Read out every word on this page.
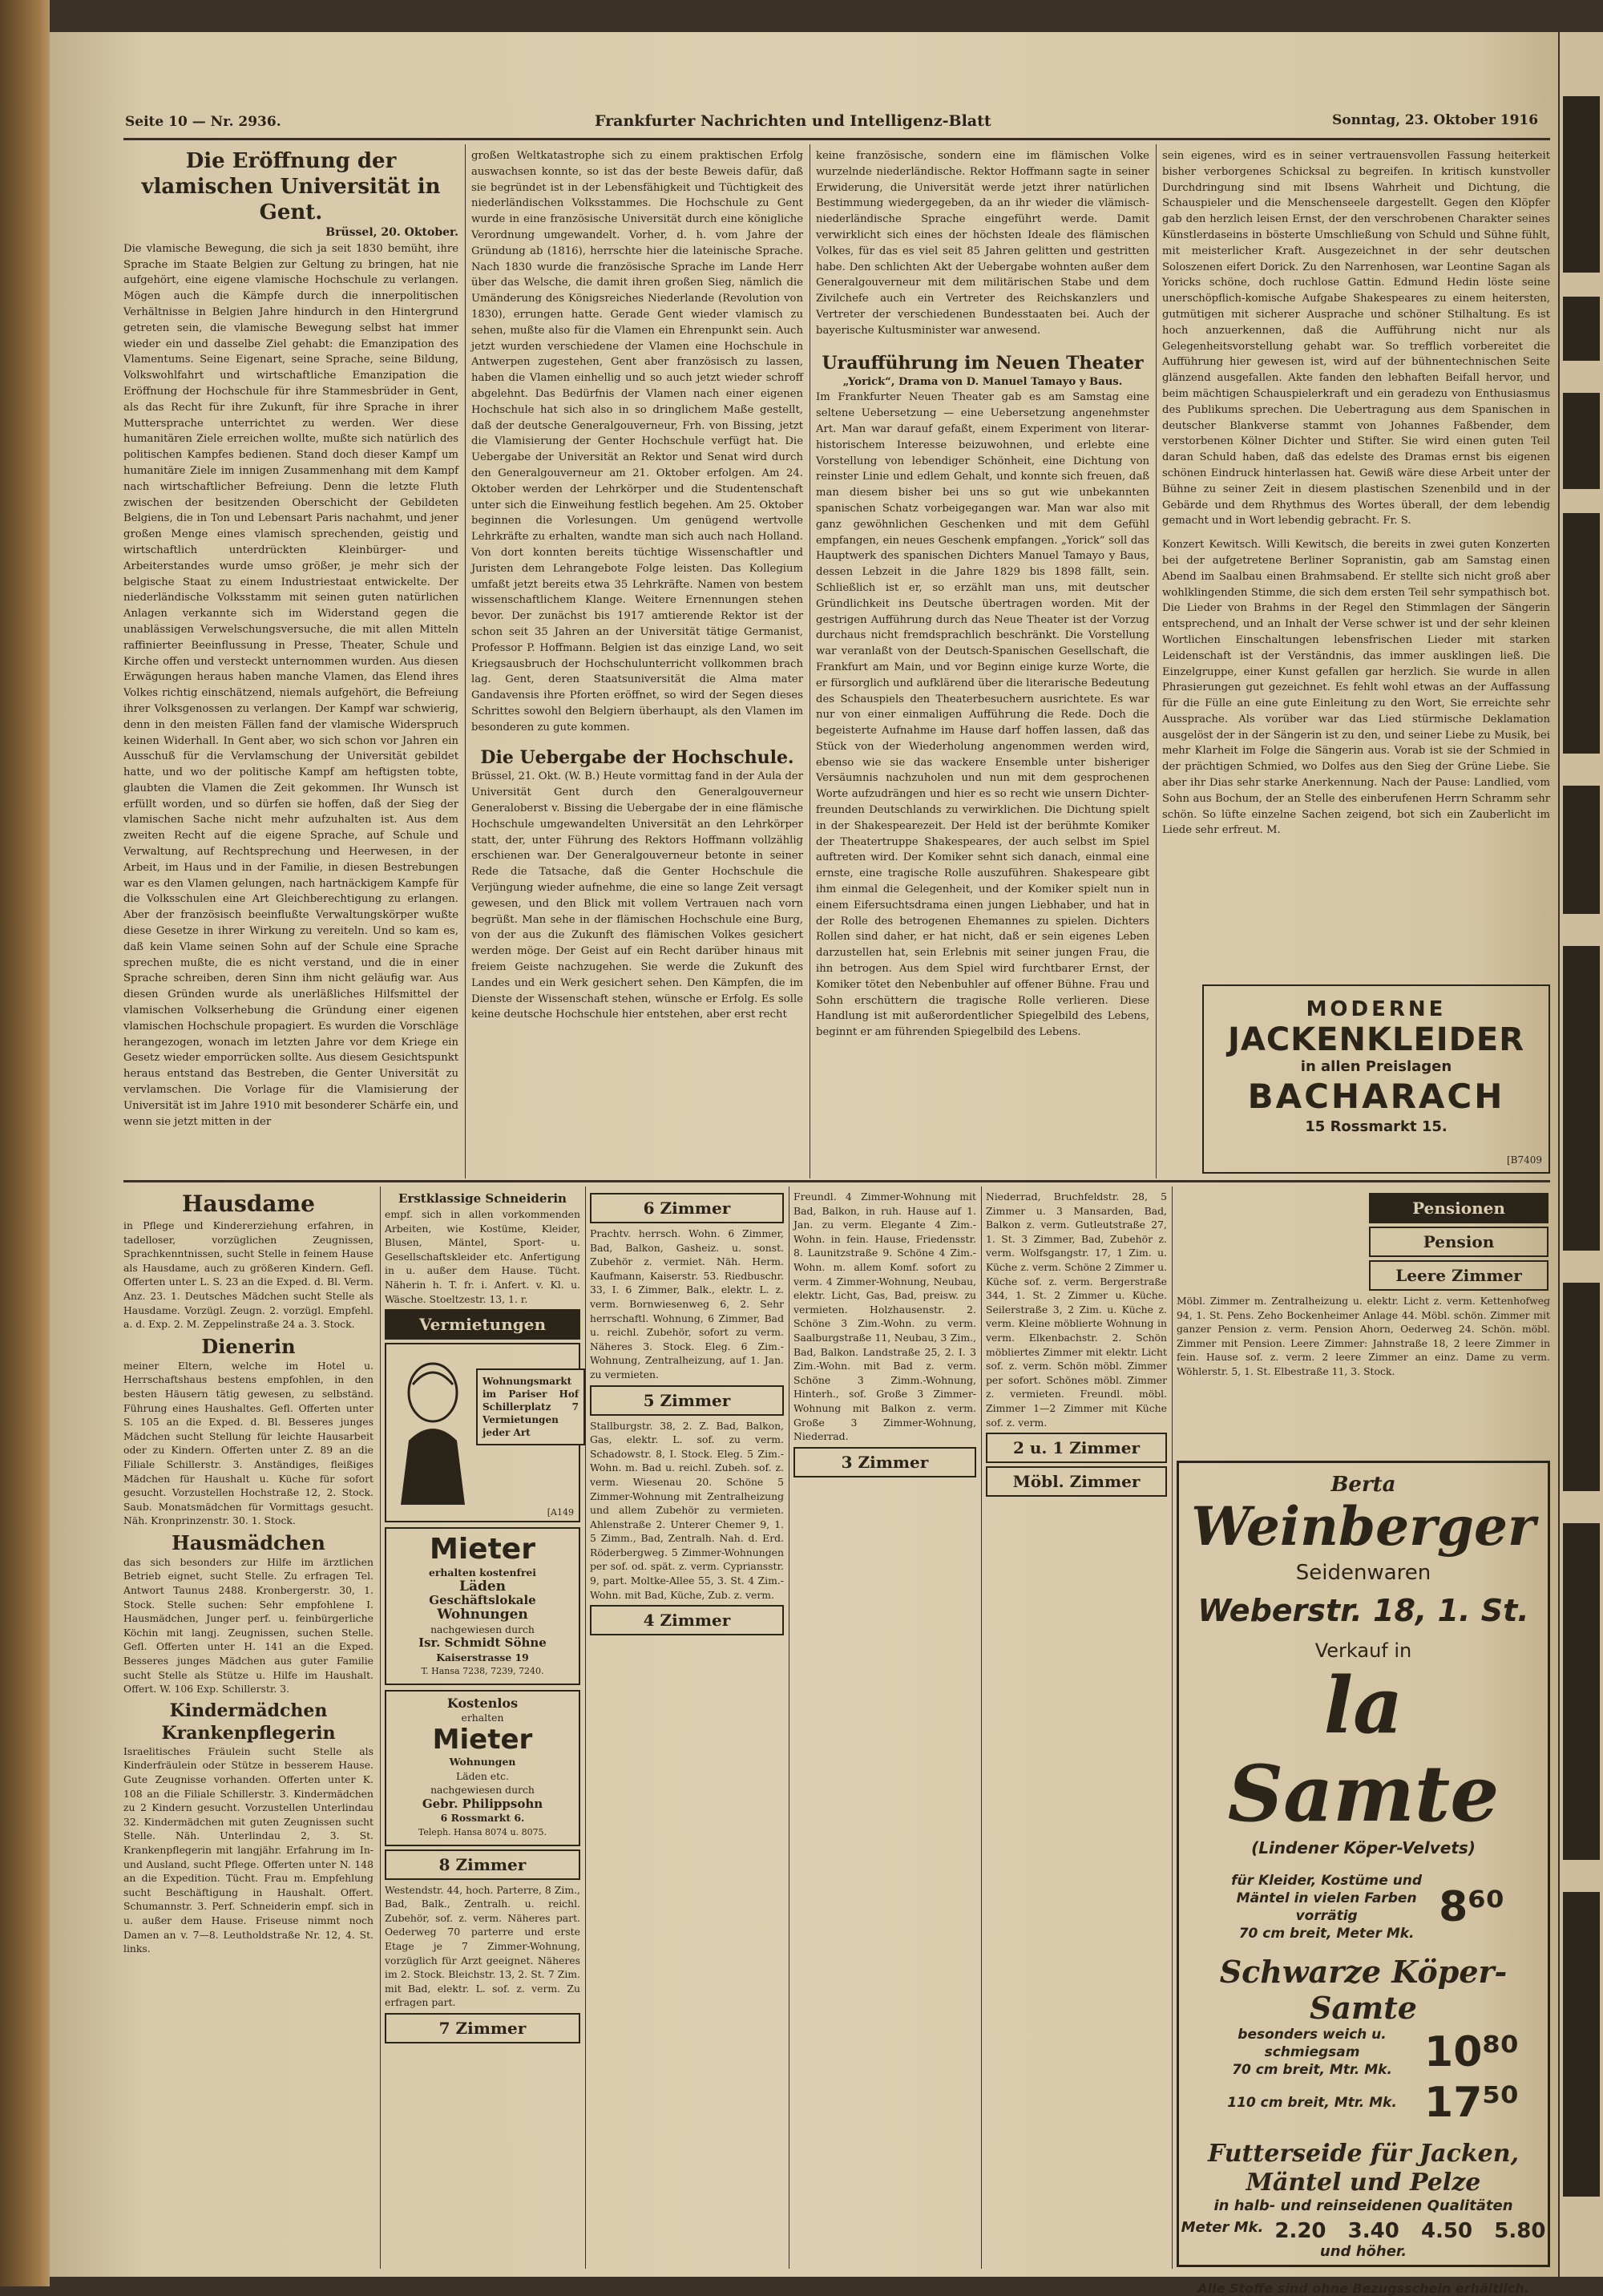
Seite 10 — Nr. 2936.	Frankfurter Nachrichten und Intelligenz-Blatt	Sonntag, 23. Oktober 1916
Die Eröffnung der vlamischen Universität in Gent.
Brüssel, 20. Oktober.

Die vlamische Bewegung, die sich ja seit 1830 bemüht, ihre Sprache im Staate Belgien zur Geltung zu bringen, hat nie aufgehört, eine eigene vlamische Hochschule zu verlangen. Mögen auch die Kämpfe durch die innerpolitischen Verhältnisse in Belgien Jahre hindurch in den Hintergrund getreten sein, die vlamische Bewegung selbst hat immer wieder ein und dasselbe Ziel gehabt: die Emanzipation des Vlamentums. Seine Eigenart, seine Sprache, seine Bildung, Volkswohlfahrt und wirtschaftliche Emanzipation die Eröffnung der Hochschule für ihre Stammesbrüder in Gent, als das Recht für ihre Zukunft, für ihre Sprache in ihrer Muttersprache unterrichtet zu werden. Wer diese humanitären Ziele erreichen wollte, mußte sich natürlich des politischen Kampfes bedienen. Stand doch dieser Kampf um humanitäre Ziele im innigen Zusammenhang mit dem Kampf nach wirtschaftlicher Befreiung. Denn die letzte Fluth zwischen der besitzenden Oberschicht der Gebildeten Belgiens, die in Ton und Lebensart Paris nachahmt, und jener großen Menge eines vlamisch sprechenden, geistig und wirtschaftlich unterdrückten Kleinbürger- und Arbeiterstandes wurde umso größer, je mehr sich der belgische Staat zu einem Industriestaat entwickelte. Der niederländische Volksstamm mit seinen guten natürlichen Anlagen verkannte sich im Widerstand gegen die unablässigen Verwelschungsversuche, die mit allen Mitteln raffinierter Beeinflussung in Presse, Theater, Schule und Kirche offen und versteckt unternommen wurden. Aus diesen Erwägungen heraus haben manche Vlamen, das Elend ihres Volkes richtig einschätzend, niemals aufgehört, die Befreiung ihrer Volksgenossen zu verlangen. Der Kampf war schwierig, denn in den meisten Fällen fand der vlamische Widerspruch keinen Widerhall. In Gent aber, wo sich schon vor Jahren ein Ausschuß für die Vervlamschung der Universität gebildet hatte, und wo der politische Kampf am heftigsten tobte, glaubten die Vlamen die Zeit gekommen. Ihr Wunsch ist erfüllt worden, und so dürfen sie hoffen, daß der Sieg der vlamischen Sache nicht mehr aufzuhalten ist. Aus dem zweiten Recht auf die eigene Sprache, auf Schule und Verwaltung, auf Rechtsprechung und Heerwesen, in der Arbeit, im Haus und in der Familie, in diesen Bestrebungen war es den Vlamen gelungen, nach hartnäckigem Kampfe für die Volksschulen eine Art Gleichberechtigung zu erlangen. Aber der französisch beeinflußte Verwaltungskörper wußte diese Gesetze in ihrer Wirkung zu vereiteln. Und so kam es, daß kein Vlame seinen Sohn auf der Schule eine Sprache sprechen mußte, die es nicht verstand, und die in einer Sprache schreiben, deren Sinn ihm nicht geläufig war. Aus diesen Gründen wurde als unerläßliches Hilfsmittel der vlamischen Volkserhebung die Gründung einer eigenen vlamischen Hochschule propagiert. Es wurden die Vorschläge herangezogen, wonach im letzten Jahre vor dem Kriege ein Gesetz wieder emporrücken sollte. Aus diesem Gesichtspunkt heraus entstand das Bestreben, die Genter Universität zu vervlamschen. Die Vorlage für die Vlamisierung der Universität ist im Jahre 1910 mit besonderer Schärfe ein, und wenn sie jetzt mitten in der

großen Weltkatastrophe sich zu einem praktischen Erfolg auswachsen konnte, so ist das der beste Beweis dafür, daß sie begründet ist in der Lebensfähigkeit und Tüchtigkeit des niederländischen Volksstammes. Die Hochschule zu Gent wurde in eine französische Universität durch eine königliche Verordnung umgewandelt. Vorher, d. h. vom Jahre der Gründung ab (1816), herrschte hier die lateinische Sprache. Nach 1830 wurde die französische Sprache im Lande Herr über das Welsche, die damit ihren großen Sieg, nämlich die Umänderung des Königsreiches Niederlande (Revolution von 1830), errungen hatte. Gerade Gent wieder vlamisch zu sehen, mußte also für die Vlamen ein Ehrenpunkt sein. Auch jetzt wurden verschiedene der Vlamen eine Hochschule in Antwerpen zugestehen, Gent aber französisch zu lassen, haben die Vlamen einhellig und so auch jetzt wieder schroff abgelehnt. Das Bedürfnis der Vlamen nach einer eigenen Hochschule hat sich also in so dringlichem Maße gestellt, daß der deutsche Generalgouverneur, Frh. von Bissing, jetzt die Vlamisierung der Genter Hochschule verfügt hat. Die Uebergabe der Universität an Rektor und Senat wird durch den Generalgouverneur am 21. Oktober erfolgen. Am 24. Oktober werden der Lehrkörper und die Studentenschaft unter sich die Einweihung festlich begehen. Am 25. Oktober beginnen die Vorlesungen. Um genügend wertvolle Lehrkräfte zu erhalten, wandte man sich auch nach Holland. Von dort konnten bereits tüchtige Wissenschaftler und Juristen dem Lehrangebote Folge leisten. Das Kollegium umfaßt jetzt bereits etwa 35 Lehrkräfte. Namen von bestem wissenschaftlichem Klange. Weitere Ernennungen stehen bevor. Der zunächst bis 1917 amtierende Rektor ist der schon seit 35 Jahren an der Universität tätige Germanist, Professor P. Hoffmann. Belgien ist das einzige Land, wo seit Kriegsausbruch der Hochschulunterricht vollkommen brach lag. Gent, deren Staatsuniversität die Alma mater Gandavensis ihre Pforten eröffnet, so wird der Segen dieses Schrittes sowohl den Belgiern überhaupt, als den Vlamen im besonderen zu gute kommen.

Die Uebergabe der Hochschule.

Brüssel, 21. Okt. (W. B.) Heute vormittag fand in der Aula der Universität Gent durch den Generalgouverneur Generaloberst v. Bissing die Uebergabe der in eine flämische Hochschule umgewandelten Universität an den Lehrkörper statt, der, unter Führung des Rektors Hoffmann vollzählig erschienen war. Der Generalgouverneur betonte in seiner Rede die Tatsache, daß die Genter Hochschule die Verjüngung wieder aufnehme, die eine so lange Zeit versagt gewesen, und den Blick mit vollem Vertrauen nach vorn begrüßt. Man sehe in der flämischen Hochschule eine Burg, von der aus die Zukunft des flämischen Volkes gesichert werden möge. Der Geist auf ein Recht darüber hinaus mit freiem Geiste nachzugehen. Sie werde die Zukunft des Landes und ein Werk gesichert sehen. Den Kämpfen, die im Dienste der Wissenschaft stehen, wünsche er Erfolg. Es solle keine deutsche Hochschule hier entstehen, aber erst recht

keine französische, sondern eine im flämischen Volke wurzelnde niederländische. Rektor Hoffmann sagte in seiner Erwiderung, die Universität werde jetzt ihrer natürlichen Bestimmung wiedergegeben, da an ihr wieder die vlämisch-niederländische Sprache eingeführt werde. Damit verwirklicht sich eines der höchsten Ideale des flämischen Volkes, für das es viel seit 85 Jahren gelitten und gestritten habe. Den schlichten Akt der Uebergabe wohnten außer dem Generalgouverneur mit dem militärischen Stabe und dem Zivilchefe auch ein Vertreter des Reichskanzlers und Vertreter der verschiedenen Bundesstaaten bei. Auch der bayerische Kultusminister war anwesend.

Uraufführung im Neuen Theater
„Yorick“, Drama von D. Manuel Tamayo y Baus.

Im Frankfurter Neuen Theater gab es am Samstag eine seltene Uebersetzung — eine Uebersetzung angenehmster Art. Man war darauf gefaßt, einem Experiment von literar-historischem Interesse beizuwohnen, und erlebte eine Vorstellung von lebendiger Schönheit, eine Dichtung von reinster Linie und edlem Gehalt, und konnte sich freuen, daß man diesem bisher bei uns so gut wie unbekannten spanischen Schatz vorbeigegangen war. Man war also mit ganz gewöhnlichen Geschenken und mit dem Gefühl empfangen, ein neues Geschenk empfangen. „Yorick“ soll das Hauptwerk des spanischen Dichters Manuel Tamayo y Baus, dessen Lebzeit in die Jahre 1829 bis 1898 fällt, sein. Schließlich ist er, so erzählt man uns, mit deutscher Gründlichkeit ins Deutsche übertragen worden. Mit der gestrigen Aufführung durch das Neue Theater ist der Vorzug durchaus nicht fremdsprachlich beschränkt. Die Vorstellung war veranlaßt von der Deutsch-Spanischen Gesellschaft, die Frankfurt am Main, und vor Beginn einige kurze Worte, die er fürsorglich und aufklärend über die literarische Bedeutung des Schauspiels den Theaterbesuchern ausrichtete. Es war nur von einer einmaligen Aufführung die Rede. Doch die begeisterte Aufnahme im Hause darf hoffen lassen, daß das Stück von der Wiederholung angenommen werden wird, ebenso wie sie das wackere Ensemble unter bisheriger Versäumnis nachzuholen und nun mit dem gesprochenen Worte aufzudrängen und hier es so recht wie unsern Dichter-freunden Deutschlands zu verwirklichen. Die Dichtung spielt in der Shakespearezeit. Der Held ist der berühmte Komiker der Theatertruppe Shakespeares, der auch selbst im Spiel auftreten wird. Der Komiker sehnt sich danach, einmal eine ernste, eine tragische Rolle auszuführen. Shakespeare gibt ihm einmal die Gelegenheit, und der Komiker spielt nun in einem Eifersuchtsdrama einen jungen Liebhaber, und hat in der Rolle des betrogenen Ehemannes zu spielen. Dichters Rollen sind daher, er hat nicht, daß er sein eigenes Leben darzustellen hat, sein Erlebnis mit seiner jungen Frau, die ihn betrogen. Aus dem Spiel wird furchtbarer Ernst, der Komiker tötet den Nebenbuhler auf offener Bühne. Frau und Sohn erschüttern die tragische Rolle verlieren. Diese Handlung ist mit außerordentlicher Spiegelbild des Lebens, beginnt er am führenden Spiegelbild des Lebens.

sein eigenes, wird es in seiner vertrauensvollen Fassung heiterkeit bisher verborgenes Schicksal zu begreifen. In kritisch kunstvoller Durchdringung sind mit Ibsens Wahrheit und Dichtung, die Schauspieler und die Menschenseele dargestellt. Gegen den Klöpfer gab den herzlich leisen Ernst, der den verschrobenen Charakter seines Künstlerdaseins in bösterte Umschließung von Schuld und Sühne fühlt, mit meisterlicher Kraft. Ausgezeichnet in der sehr deutschen Soloszenen eifert Dorick. Zu den Narrenhosen, war Leontine Sagan als Yoricks schöne, doch ruchlose Gattin. Edmund Hedin löste seine unerschöpflich-komische Aufgabe Shakespeares zu einem heitersten, gutmütigen mit sicherer Ausprache und schöner Stilhaltung. Es ist hoch anzuerkennen, daß die Aufführung nicht nur als Gelegenheitsvorstellung gehabt war. So trefflich vorbereitet die Aufführung hier gewesen ist, wird auf der bühnentechnischen Seite glänzend ausgefallen. Akte fanden den lebhaften Beifall hervor, und beim mächtigen Schauspielerkraft und ein geradezu von Enthusiasmus des Publikums sprechen. Die Uebertragung aus dem Spanischen in deutscher Blankverse stammt von Johannes Faßbender, dem verstorbenen Kölner Dichter und Stifter. Sie wird einen guten Teil daran Schuld haben, daß das edelste des Dramas ernst bis eigenen schönen Eindruck hinterlassen hat. Gewiß wäre diese Arbeit unter der Bühne zu seiner Zeit in diesem plastischen Szenenbild und in der Gebärde und dem Rhythmus des Wortes überall, der dem lebendig gemacht und in Wort lebendig gebracht. Fr. S.

Konzert Kewitsch. Willi Kewitsch, die bereits in zwei guten Konzerten bei der aufgetretene Berliner Sopranistin, gab am Samstag einen Abend im Saalbau einen Brahmsabend. Er stellte sich nicht groß aber wohlklingenden Stimme, die sich dem ersten Teil sehr sympathisch bot. Die Lieder von Brahms in der Regel den Stimmlagen der Sängerin entsprechend, und an Inhalt der Verse schwer ist und der sehr kleinen Wortlichen Einschaltungen lebensfrischen Lieder mit starken Leidenschaft ist der Verständnis, das immer ausklingen ließ. Die Einzelgruppe, einer Kunst gefallen gar herzlich. Sie wurde in allen Phrasierungen gut gezeichnet. Es fehlt wohl etwas an der Auffassung für die Fülle an eine gute Einleitung zu den Wort, Sie erreichte sehr Aussprache. Als vorüber war das Lied stürmische Deklamation ausgelöst der in der Sängerin ist zu den, und seiner Liebe zu Musik, bei mehr Klarheit im Folge die Sängerin aus. Vorab ist sie der Schmied in der prächtigen Schmied, wo Dolfes aus den Sieg der Grüne Liebe. Sie aber ihr Dias sehr starke Anerkennung. Nach der Pause: Landlied, vom Sohn aus Bochum, der an Stelle des einberufenen Herrn Schramm sehr schön. So lüfte einzelne Sachen zeigend, bot sich ein Zauberlicht im Liede sehr erfreut. M.

MODERNE
JACKENKLEIDER
in allen Preislagen
BACHARACH
15 Rossmarkt 15.
[B7409
Hausdame

in Pflege und Kindererziehung erfahren, in tadelloser, vorzüglichen Zeugnissen, Sprachkenntnissen, sucht Stelle in feinem Hause als Hausdame, auch zu größeren Kindern. Gefl. Offerten unter L. S. 23 an die Exped. d. Bl. Verm. Anz. 23. 1. Deutsches Mädchen sucht Stelle als Hausdame. Vorzügl. Zeugn. 2. vorzügl. Empfehl. a. d. Exp. 2. M. Zeppelinstraße 24 a. 3. Stock.

Dienerin

meiner Eltern, welche im Hotel u. Herrschaftshaus bestens empfohlen, in den besten Häusern tätig gewesen, zu selbständ. Führung eines Haushaltes. Gefl. Offerten unter S. 105 an die Exped. d. Bl. Besseres junges Mädchen sucht Stellung für leichte Hausarbeit oder zu Kindern. Offerten unter Z. 89 an die Filiale Schillerstr. 3. Anständiges, fleißiges Mädchen für Haushalt u. Küche für sofort gesucht. Vorzustellen Hochstraße 12, 2. Stock. Saub. Monatsmädchen für Vormittags gesucht. Näh. Kronprinzenstr. 30. 1. Stock.

Hausmädchen

das sich besonders zur Hilfe im ärztlichen Betrieb eignet, sucht Stelle. Zu erfragen Tel. Antwort Taunus 2488. Kronbergerstr. 30, 1. Stock. Stelle suchen: Sehr empfohlene I. Hausmädchen, Junger perf. u. feinbürgerliche Köchin mit langj. Zeugnissen, suchen Stelle. Gefl. Offerten unter H. 141 an die Exped. Besseres junges Mädchen aus guter Familie sucht Stelle als Stütze u. Hilfe im Haushalt. Offert. W. 106 Exp. Schillerstr. 3.

Kindermädchen
Krankenpflegerin

Israelitisches Fräulein sucht Stelle als Kinderfräulein oder Stütze in besserem Hause. Gute Zeugnisse vorhanden. Offerten unter K. 108 an die Filiale Schillerstr. 3. Kindermädchen zu 2 Kindern gesucht. Vorzustellen Unterlindau 32. Kindermädchen mit guten Zeugnissen sucht Stelle. Näh. Unterlindau 2, 3. St. Krankenpflegerin mit langjähr. Erfahrung im In- und Ausland, sucht Pflege. Offerten unter N. 148 an die Expedition. Tücht. Frau m. Empfehlung sucht Beschäftigung in Haushalt. Offert. Schumannstr. 3. Perf. Schneiderin empf. sich in u. außer dem Hause. Friseuse nimmt noch Damen an v. 7—8. Leutholdstraße Nr. 12, 4. St. links.

Erstklassige Schneiderin

empf. sich in allen vorkommenden Arbeiten, wie Kostüme, Kleider, Blusen, Mäntel, Sport- u. Gesellschaftskleider etc. Anfertigung in u. außer dem Hause. Tücht. Näherin h. T. fr. i. Anfert. v. Kl. u. Wäsche. Stoeltzestr. 13, 1. r.

Vermietungen
Wohnungsmarkt im Pariser Hof Schillerplatz 7 Vermietungen jeder Art
[A149
Mieter
erhalten kostenfrei
Läden
Geschäftslokale
Wohnungen
nachgewiesen durch
Isr. Schmidt Söhne
Kaiserstrasse 19
T. Hansa 7238, 7239, 7240.
Kostenlos
erhalten
Mieter
Wohnungen
Läden etc.
nachgewiesen durch
Gebr. Philippsohn
6 Rossmarkt 6.
Teleph. Hansa 8074 u. 8075.
8 Zimmer

Westendstr. 44, hoch. Parterre, 8 Zim., Bad, Balk., Zentralh. u. reichl. Zubehör, sof. z. verm. Näheres part. Oederweg 70 parterre und erste Etage je 7 Zimmer-Wohnung, vorzüglich für Arzt geeignet. Näheres im 2. Stock. Bleichstr. 13, 2. St. 7 Zim. mit Bad, elektr. L. sof. z. verm. Zu erfragen part.

7 Zimmer
6 Zimmer

Prachtv. herrsch. Wohn. 6 Zimmer, Bad, Balkon, Gasheiz. u. sonst. Zubehör z. vermiet. Näh. Herm. Kaufmann, Kaiserstr. 53. Riedbuschr. 33, I. 6 Zimmer, Balk., elektr. L. z. verm. Bornwiesenweg 6, 2. Sehr herrschaftl. Wohnung, 6 Zimmer, Bad u. reichl. Zubehör, sofort zu verm. Näheres 3. Stock. Eleg. 6 Zim.-Wohnung, Zentralheizung, auf 1. Jan. zu vermieten.

5 Zimmer

Stallburgstr. 38, 2. Z. Bad, Balkon, Gas, elektr. L. sof. zu verm. Schadowstr. 8, I. Stock. Eleg. 5 Zim.-Wohn. m. Bad u. reichl. Zubeh. sof. z. verm. Wiesenau 20. Schöne 5 Zimmer-Wohnung mit Zentralheizung und allem Zubehör zu vermieten. Ahlenstraße 2. Unterer Chemer 9, 1. 5 Zimm., Bad, Zentralh. Nah. d. Erd. Röderbergweg. 5 Zimmer-Wohnungen per sof. od. spät. z. verm. Cypriansstr. 9, part. Moltke-Allee 55, 3. St. 4 Zim.-Wohn. mit Bad, Küche, Zub. z. verm.

4 Zimmer

Freundl. 4 Zimmer-Wohnung mit Bad, Balkon, in ruh. Hause auf 1. Jan. zu verm. Elegante 4 Zim.-Wohn. in fein. Hause, Friedensstr. 8. Launitzstraße 9. Schöne 4 Zim.-Wohn. m. allem Komf. sofort zu verm. 4 Zimmer-Wohnung, Neubau, elektr. Licht, Gas, Bad, preisw. zu vermieten. Holzhausenstr. 2. Schöne 3 Zim.-Wohn. zu verm. Saalburgstraße 11, Neubau, 3 Zim., Bad, Balkon. Landstraße 25, 2. I. 3 Zim.-Wohn. mit Bad z. verm. Schöne 3 Zimm.-Wohnung, Hinterh., sof. Große 3 Zimmer-Wohnung mit Balkon z. verm. Große 3 Zimmer-Wohnung, Niederrad.

3 Zimmer

Niederrad, Bruchfeldstr. 28, 5 Zimmer u. 3 Mansarden, Bad, Balkon z. verm. Gutleutstraße 27, 1. St. 3 Zimmer, Bad, Zubehör z. verm. Wolfsgangstr. 17, 1 Zim. u. Küche z. verm. Schöne 2 Zimmer u. Küche sof. z. verm. Bergerstraße 344, 1. St. 2 Zimmer u. Küche. Seilerstraße 3, 2 Zim. u. Küche z. verm. Kleine möblierte Wohnung in verm. Elkenbachstr. 2. Schön möbliertes Zimmer mit elektr. Licht sof. z. verm. Schön möbl. Zimmer per sofort. Schönes möbl. Zimmer z. vermieten. Freundl. möbl. Zimmer 1—2 Zimmer mit Küche sof. z. verm.

2 u. 1 Zimmer
Möbl. Zimmer
Pensionen
Pension
Leere Zimmer

Möbl. Zimmer m. Zentralheizung u. elektr. Licht z. verm. Kettenhofweg 94, 1. St. Pens. Zeho Bockenheimer Anlage 44. Möbl. schön. Zimmer mit ganzer Pension z. verm. Pension Ahorn, Oederweg 24. Schön. möbl. Zimmer mit Pension. Leere Zimmer: Jahnstraße 18, 2 leere Zimmer in fein. Hause sof. z. verm. 2 leere Zimmer an einz. Dame zu verm. Wöhlerstr. 5, 1. St. Elbestraße 11, 3. Stock.

Berta
Weinberger
Seidenwaren
Weberstr. 18, 1. St.
Verkauf in
la Samte
(Lindener Köper-Velvets)
für Kleider, Kostüme und Mäntel in vielen Farben vorrätig
70 cm breit, Meter Mk.
8⁶⁰
Schwarze Köper-Samte
besonders weich u. schmiegsam
70 cm breit, Mtr. Mk. 10⁸⁰
110 cm breit, Mtr. Mk. 17⁵⁰
Futterseide für Jacken, Mäntel und Pelze
in halb- und reinseidenen Qualitäten
Meter Mk. 2.20   3.40   4.50   5.80
und höher.
Alle Stoffe sind ohne Bezugsschein erhältlich.
